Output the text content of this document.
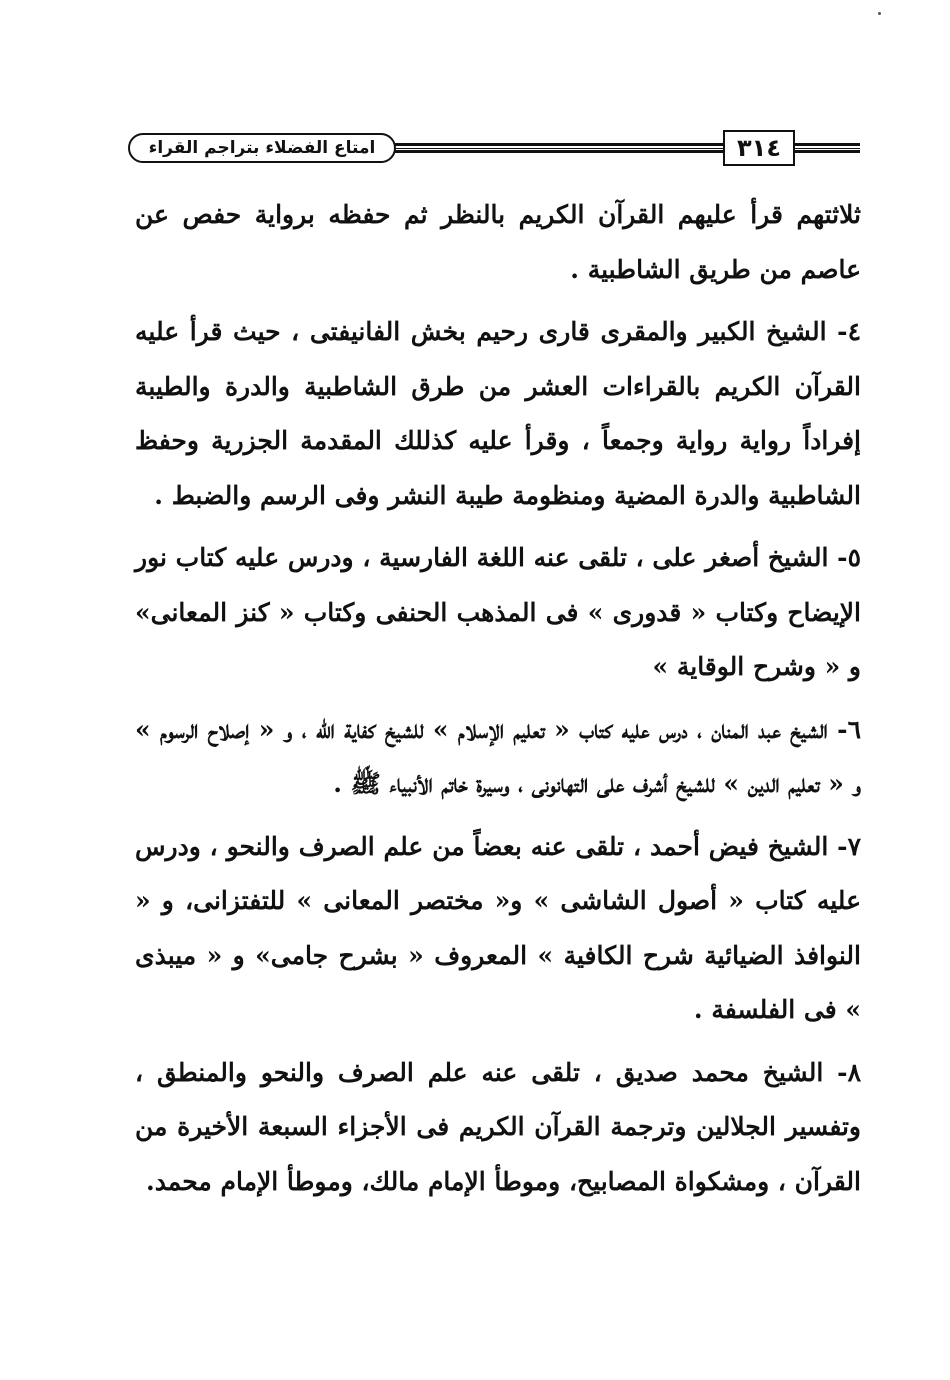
امتاع الفضلاء بتراجم القراء	٣١٤

ثلاثتهم قرأ عليهم القرآن الكريم بالنظر ثم حفظه برواية حفص عن عاصم من طريق الشاطبية .

٤- الشيخ الكبير والمقرى قارى رحيم بخش الفانيفتى ، حيث قرأ عليه القرآن الكريم بالقراءات العشر من طرق الشاطبية والدرة والطيبة إفراداً رواية رواية وجمعاً ، وقرأ عليه كذللك المقدمة الجزرية وحفظ الشاطبية والدرة المضية ومنظومة طيبة النشر وفى الرسم والضبط .

٥- الشيخ أصغر على ، تلقى عنه اللغة الفارسية ، ودرس عليه كتاب نور الإيضاح وكتاب « قدورى » فى المذهب الحنفى وكتاب « كنز المعانى» و « وشرح الوقاية »

٦- الشيخ عبد المنان ، درس عليه كتاب « تعليم الإسلام » للشيخ كفاية الله ، و « إصلاح الرسوم » و « تعليم الدين » للشيخ أشرف على التهانونى ، وسيرة خاتم الأنبياء ﷺ .

٧- الشيخ فيض أحمد ، تلقى عنه بعضاً من علم الصرف والنحو ، ودرس عليه كتاب « أصول الشاشى » و« مختصر المعانى » للتفتزانى، و « النوافذ الضيائية شرح الكافية » المعروف « بشرح جامى» و « ميبذى » فى الفلسفة .

٨- الشيخ محمد صديق ، تلقى عنه علم الصرف والنحو والمنطق ، وتفسير الجلالين وترجمة القرآن الكريم فى الأجزاء السبعة الأخيرة من القرآن ، ومشكواة المصابيح، وموطأ الإمام مالك، وموطأ الإمام محمد.
